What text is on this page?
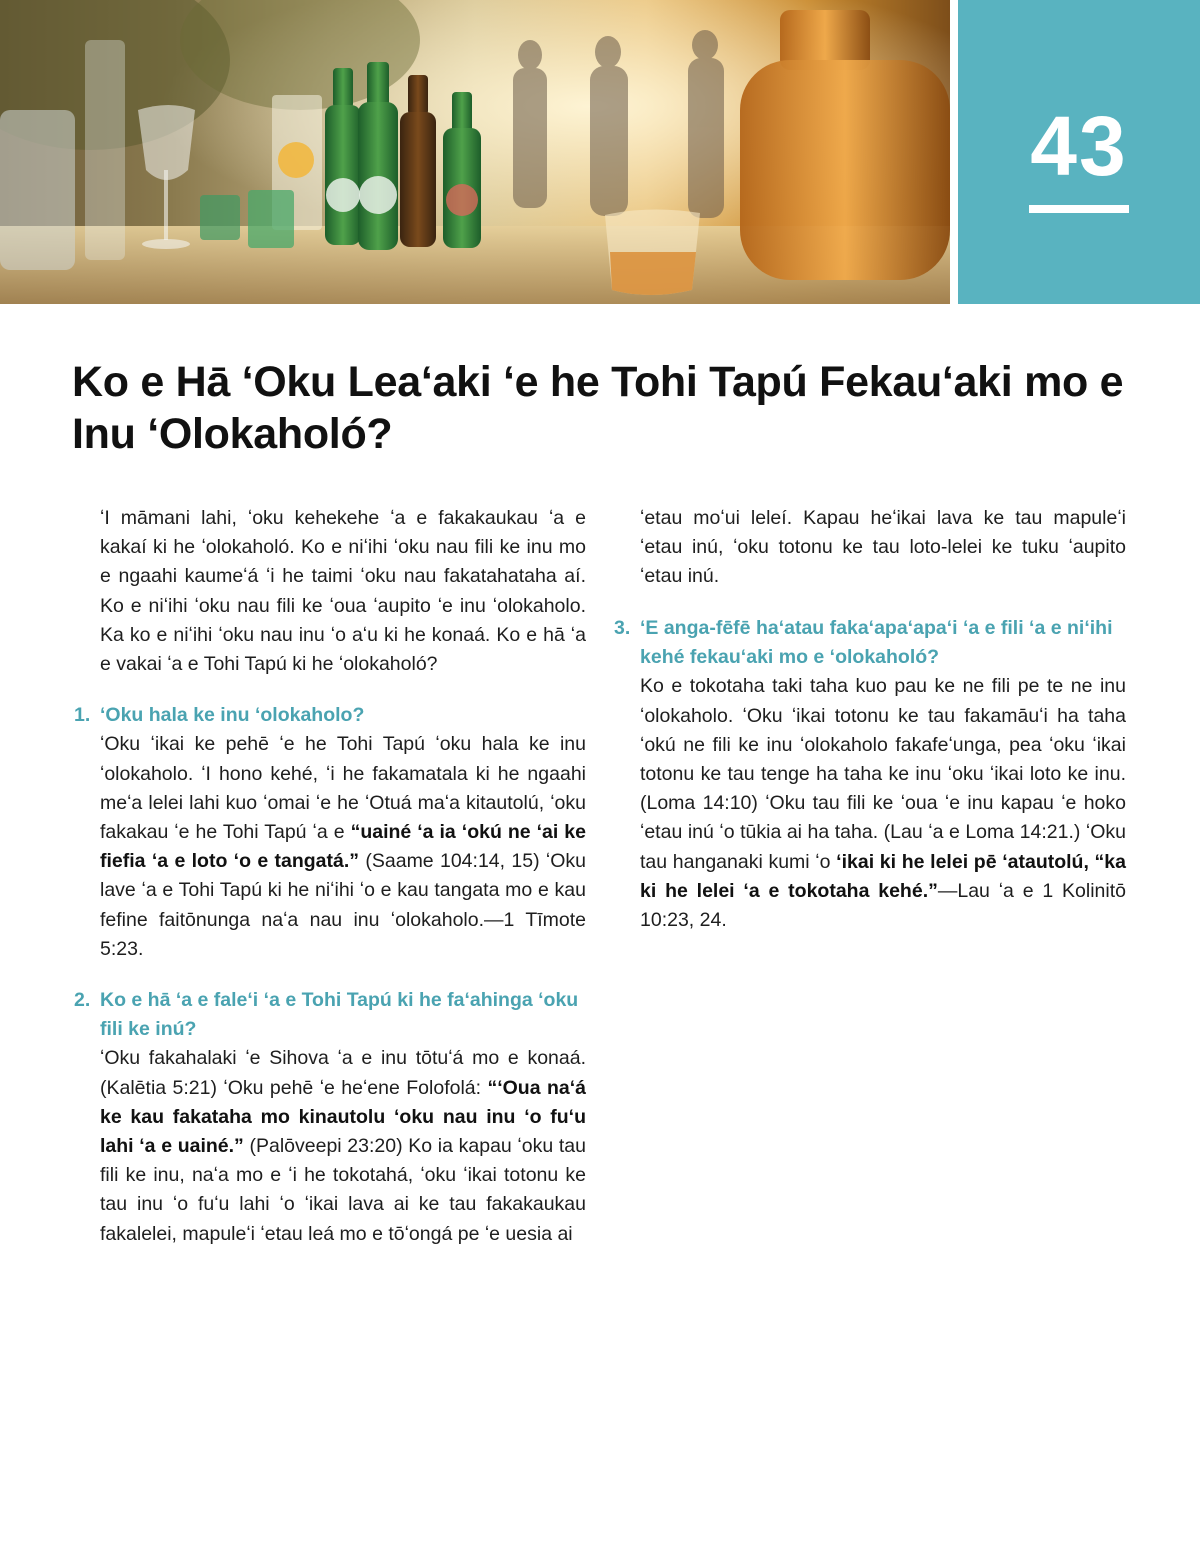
43
Ko e Hā ʻOku Leaʻaki ʻe he Tohi Tapú Fekauʻaki mo e Inu ʻOlokaholó?

ʻI māmani lahi, ʻoku kehekehe ʻa e fakakaukau ʻa e kakaí ki he ʻolokaholó. Ko e niʻihi ʻoku nau fili ke inu mo e ngaahi kaumeʻá ʻi he taimi ʻoku nau fakatahataha aí. Ko e niʻihi ʻoku nau fili ke ʻoua ʻaupito ʻe inu ʻolokaholo. Ka ko e niʻihi ʻoku nau inu ʻo aʻu ki he konaá. Ko e hā ʻa e vakai ʻa e Tohi Tapú ki he ʻolokaholó?

1. ʻOku hala ke inu ʻolokaholo?

ʻOku ʻikai ke pehē ʻe he Tohi Tapú ʻoku hala ke inu ʻolokaholo. ʻI hono kehé, ʻi he fakamatala ki he ngaahi meʻa lelei lahi kuo ʻomai ʻe he ʻOtuá maʻa kitautolú, ʻoku fakakau ʻe he Tohi Tapú ʻa e “uainé ʻa ia ʻokú ne ʻai ke fiefia ʻa e loto ʻo e tangatá.” (Saame 104:14, 15) ʻOku lave ʻa e Tohi Tapú ki he niʻihi ʻo e kau tangata mo e kau fefine faitōnunga naʻa nau inu ʻolokaholo.—1 Tīmote 5:23.

2. Ko e hā ʻa e faleʻi ʻa e Tohi Tapú ki he faʻahinga ʻoku fili ke inú?

ʻOku fakahalaki ʻe Sihova ʻa e inu tōtuʻá mo e konaá. (Kalētia 5:21) ʻOku pehē ʻe heʻene Folofolá: “ʻOua naʻá ke kau fakataha mo kinautolu ʻoku nau inu ʻo fuʻu lahi ʻa e uainé.” (Palōveepi 23:20) Ko ia kapau ʻoku tau fili ke inu, naʻa mo e ʻi he tokotahá, ʻoku ʻikai totonu ke tau inu ʻo fuʻu lahi ʻo ʻikai lava ai ke tau fakakaukau fakalelei, mapuleʻi ʻetau leá mo e tōʻongá pe ʻe uesia ai

3. ʻE anga-fēfē haʻatau fakaʻapaʻapaʻi ʻa e fili ʻa e niʻihi kehé fekauʻaki mo e ʻolokaholó?

Ko e tokotaha taki taha kuo pau ke ne fili pe te ne inu ʻolokaholo. ʻOku ʻikai totonu ke tau fakamāuʻi ha taha ʻokú ne fili ke inu ʻolokaholo fakafeʻunga, pea ʻoku ʻikai totonu ke tau tenge ha taha ke inu ʻoku ʻikai loto ke inu. (Loma 14:10) ʻOku tau fili ke ʻoua ʻe inu kapau ʻe hoko ʻetau inú ʻo tūkia ai ha taha. (Lau ʻa e Loma 14:21.) ʻOku tau hanganaki kumi ʻo ʻikai ki he lelei pē ʻatautolú, “ka ki he lelei ʻa e tokotaha kehé.”—Lau ʻa e 1 Kolinitō 10:23, 24.

ʻetau moʻui leleí. Kapau heʻikai lava ke tau mapuleʻi ʻetau inú, ʻoku totonu ke tau loto-lelei ke tuku ʻaupito ʻetau inú.
